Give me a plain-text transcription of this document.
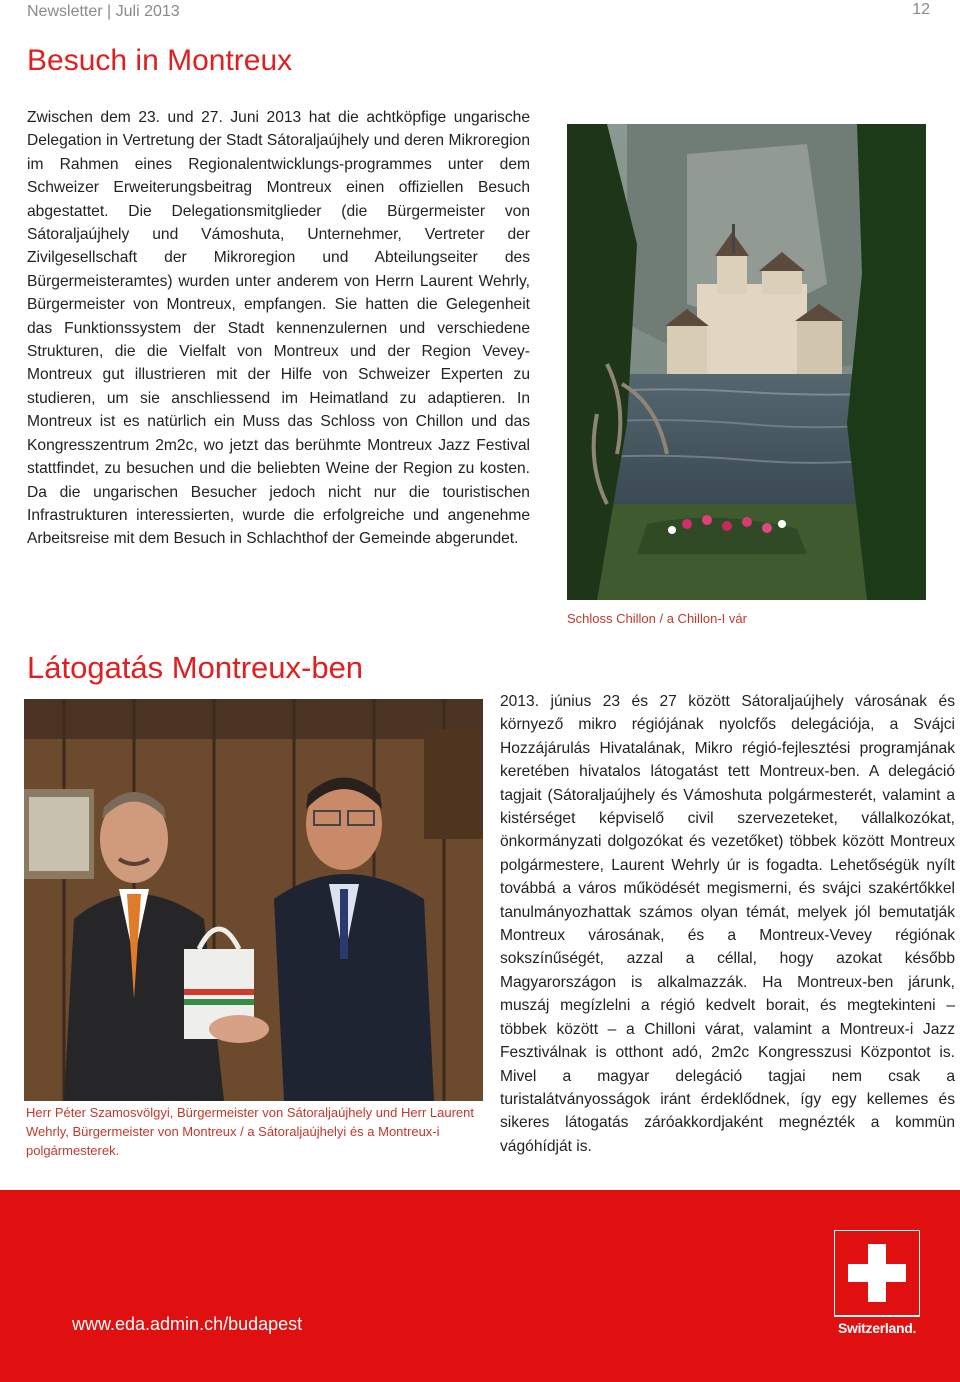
Newsletter | Juli 2013	12
Besuch in Montreux

Zwischen dem 23. und 27. Juni 2013 hat die achtköpfige ungarische Delegation in Vertretung der Stadt Sátoraljaújhely und deren Mikroregion im Rahmen eines Regionalentwicklungs-programmes unter dem Schweizer Erweiterungsbeitrag Montreux einen offiziellen Besuch abgestattet. Die Delegationsmitglieder (die Bürgermeister von Sátoraljaújhely und Vámoshuta, Unternehmer, Vertreter der Zivilgesellschaft der Mikroregion und Abteilungseiter des Bürgermeisteramtes) wurden unter anderem von Herrn Laurent Wehrly, Bürgermeister von Montreux, empfangen. Sie hatten die Gelegenheit das Funktionssystem der Stadt kennenzulernen und verschiedene Strukturen, die die Vielfalt von Montreux und der Region Vevey-Montreux gut illustrieren mit der Hilfe von Schweizer Experten zu studieren, um sie anschliessend im Heimatland zu adaptieren. In Montreux ist es natürlich ein Muss das Schloss von Chillon und das Kongresszentrum 2m2c, wo jetzt das berühmte Montreux Jazz Festival stattfindet, zu besuchen und die beliebten Weine der Region zu kosten. Da die ungarischen Besucher jedoch nicht nur die touristischen Infrastrukturen interessierten, wurde die erfolgreiche und angenehme Arbeitsreise mit dem Besuch in Schlachthof der Gemeinde abgerundet.

Schloss Chillon / a Chillon-I vár

Látogatás Montreux-ben

Herr Péter Szamosvölgyi, Bürgermeister von Sátoraljaújhely und Herr Laurent Wehrly, Bürgermeister von Montreux / a Sátoraljaújhelyi és a Montreux-i polgármesterek.

2013. június 23 és 27 között Sátoraljaújhely városának és környező mikro régiójának nyolcfős delegációja, a Svájci Hozzájárulás Hivatalának, Mikro régió-fejlesztési programjának keretében hivatalos látogatást tett Montreux-ben. A delegáció tagjait (Sátoraljaújhely és Vámoshuta polgármesterét, valamint a kistérséget képviselő civil szervezeteket, vállalkozókat, önkormányzati dolgozókat és vezetőket) többek között Montreux polgármestere, Laurent Wehrly úr is fogadta. Lehetőségük nyílt továbbá a város működését megismerni, és svájci szakértőkkel tanulmányozhattak számos olyan témát, melyek jól bemutatják Montreux városának, és a Montreux-Vevey régiónak sokszínűségét, azzal a céllal, hogy azokat később Magyarországon is alkalmazzák. Ha Montreux-ben járunk, muszáj megízlelni a régió kedvelt borait, és megtekinteni – többek között – a Chilloni várat, valamint a Montreux-i Jazz Fesztiválnak is otthont adó, 2m2c Kongresszusi Központot is. Mivel a magyar delegáció tagjai nem csak a turistalátványosságok iránt érdeklődnek, így egy kellemes és sikeres látogatás záróakkordjaként megnézték a kommün vágóhídját is.

www.eda.admin.ch/budapest	Switzerland.
